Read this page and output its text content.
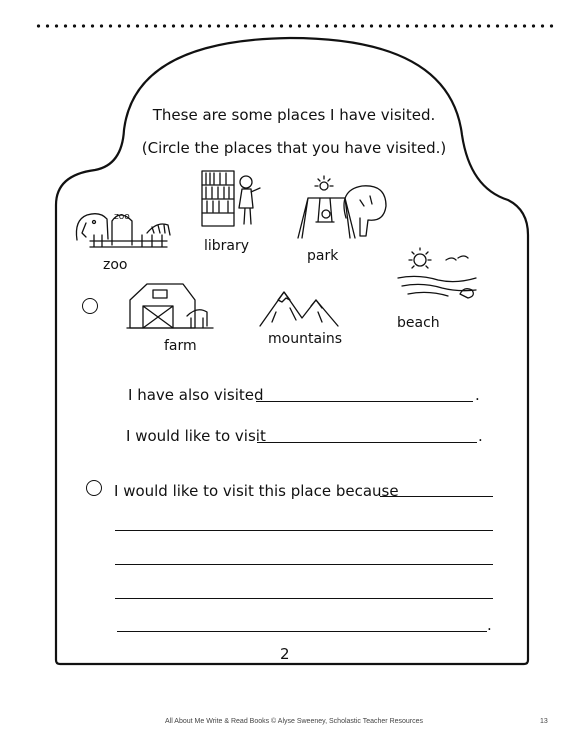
These are some places I have visited.
(Circle the places that you have visited.)
zoo
zoo
library
park
farm	mountains
beach
I have also visited	.
I would like to visit	.
I would like to visit this place because
.
2
All About Me Write & Read Books © Alyse Sweeney, Scholastic Teacher Resources	13
